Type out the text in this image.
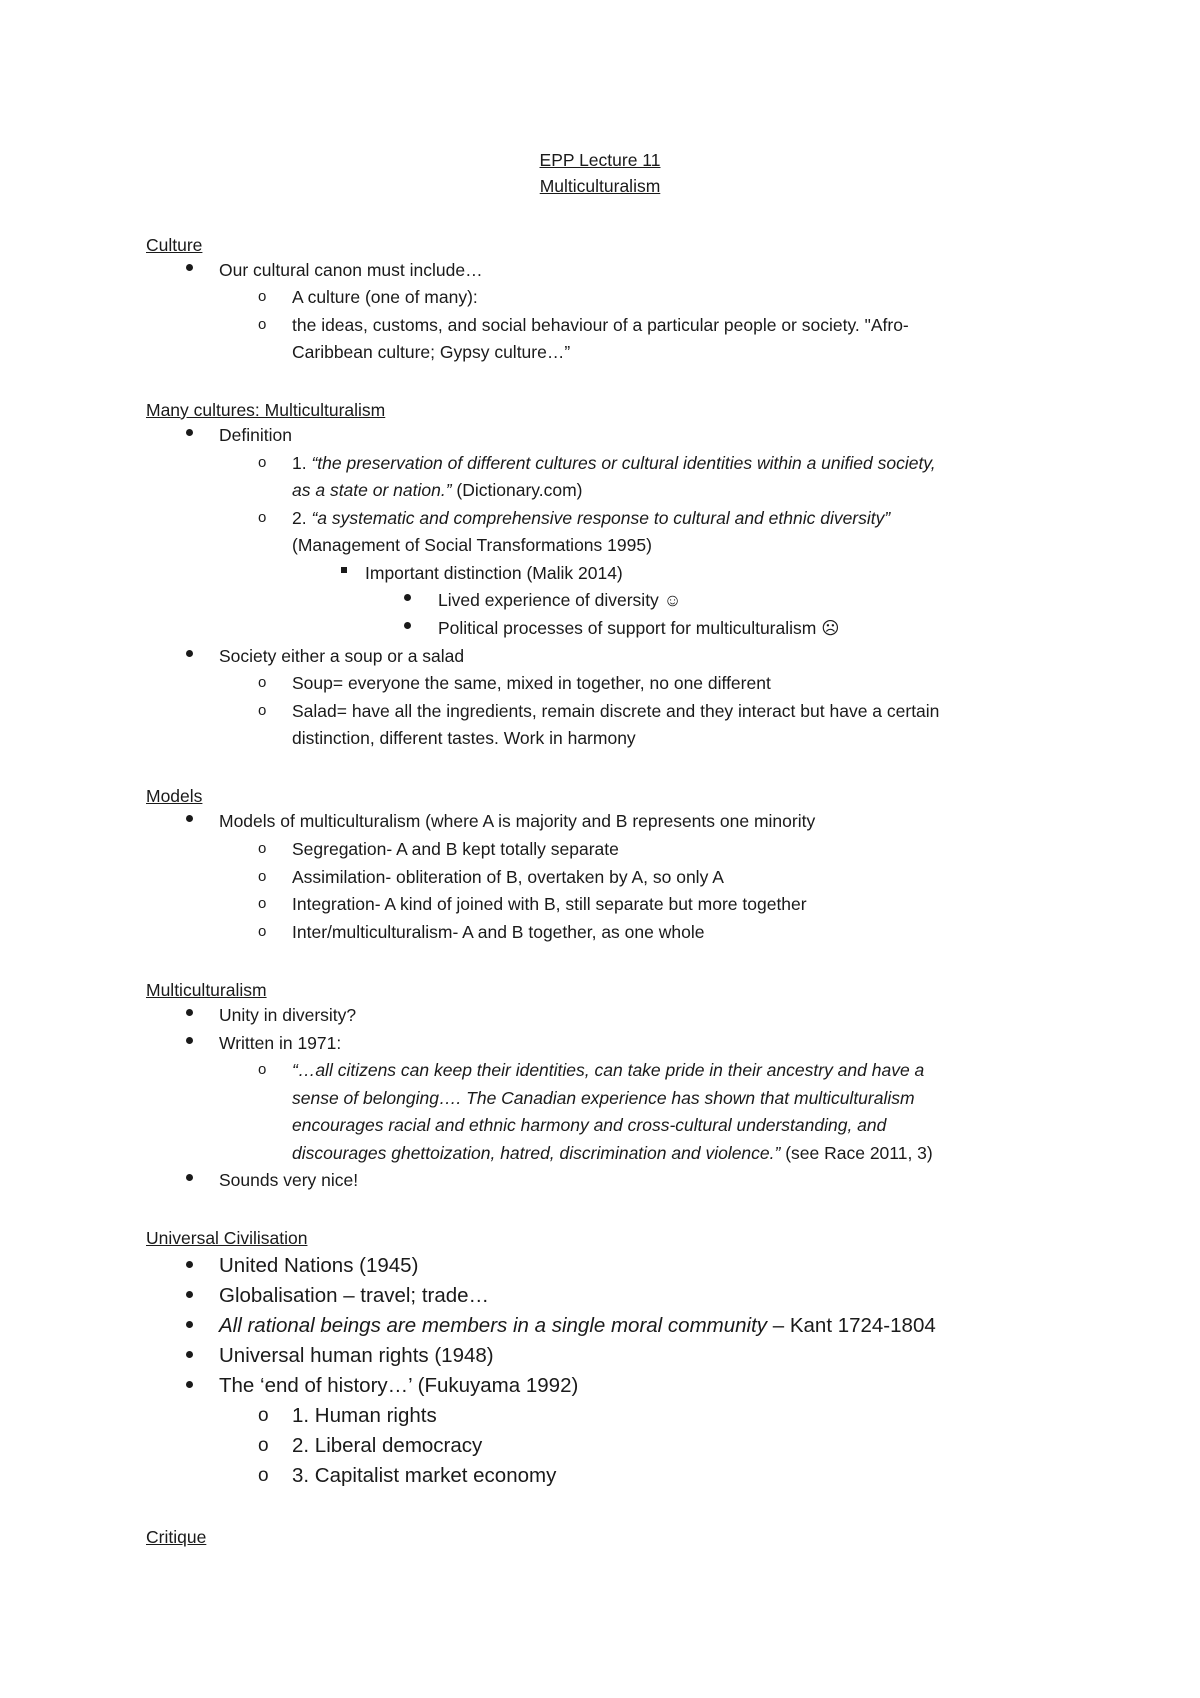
EPP Lecture 11
Multiculturalism
Culture
Our cultural canon must include…
o A culture (one of many):
o the ideas, customs, and social behaviour of a particular people or society. "Afro-
Caribbean culture; Gypsy culture…”
Many cultures: Multiculturalism
Definition
o 1. “the preservation of different cultures or cultural identities within a unified society,
as a state or nation.” (Dictionary.com)
o 2. “a systematic and comprehensive response to cultural and ethnic diversity”
(Management of Social Transformations 1995)
Important distinction (Malik 2014)
Lived experience of diversity ☺
Political processes of support for multiculturalism ☹
Society either a soup or a salad
o Soup= everyone the same, mixed in together, no one different
o Salad= have all the ingredients, remain discrete and they interact but have a certain
distinction, different tastes. Work in harmony
Models
Models of multiculturalism (where A is majority and B represents one minority
o Segregation- A and B kept totally separate
o Assimilation- obliteration of B, overtaken by A, so only A
o Integration- A kind of joined with B, still separate but more together
o Inter/multiculturalism- A and B together, as one whole
Multiculturalism
Unity in diversity?
Written in 1971:
o “…all citizens can keep their identities, can take pride in their ancestry and have a
sense of belonging…. The Canadian experience has shown that multiculturalism
encourages racial and ethnic harmony and cross-cultural understanding, and
discourages ghettoization, hatred, discrimination and violence.” (see Race 2011, 3)
Sounds very nice!
Universal Civilisation
United Nations (1945)
Globalisation – travel; trade…
All rational beings are members in a single moral community – Kant 1724-1804
Universal human rights (1948)
The ‘end of history…’ (Fukuyama 1992)
o 1. Human rights
o 2. Liberal democracy
o 3. Capitalist market economy
Critique
